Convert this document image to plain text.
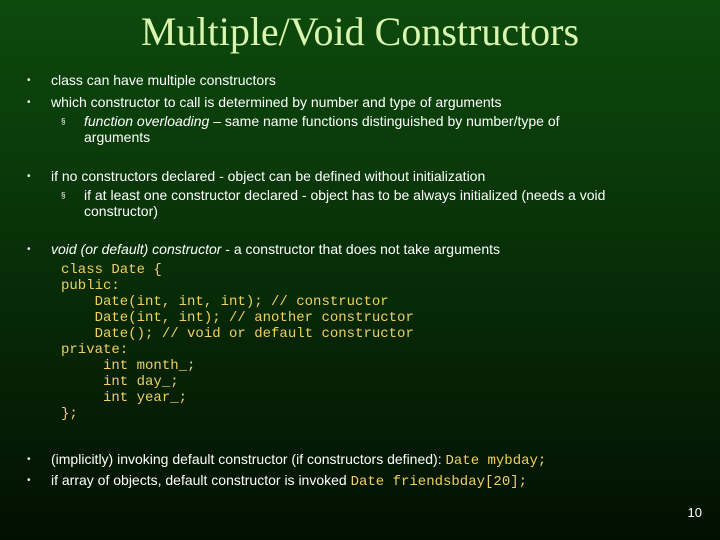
Multiple/Void Constructors
• class can have multiple constructors
• which constructor to call is determined by number and type of arguments
§ function overloading – same name functions distinguished by number/type of
arguments
• if no constructors declared - object can be defined without initialization
§ if at least one constructor declared - object has to be always initialized (needs a void
constructor)
• void (or default) constructor - a constructor that does not take arguments
class Date {
public:
Date(int, int, int); // constructor
Date(int, int); // another constructor
Date(); // void or default constructor
private:
int month_;
int day_;
int year_;
};
• (implicitly) invoking default constructor (if constructors defined): Date mybday;
• if array of objects, default constructor is invoked Date friendsbday[20];
10
